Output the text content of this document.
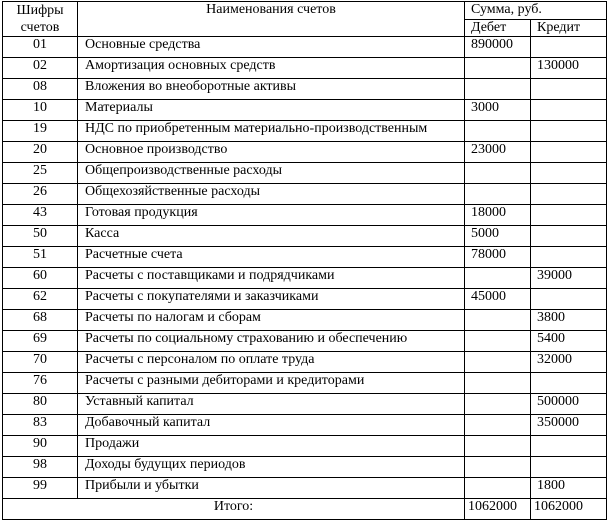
Шифры счетов	Наименования счетов	Сумма, руб.	
		Дебет	Кредит
01	Основные средства	890000	
02	Амортизация основных средств		130000
08	Вложения во внеоборотные активы		
10	Материалы	3000	
19	НДС по приобретенным материально-производственным		
20	Основное производство	23000	
25	Общепроизводственные расходы		
26	Общехозяйственные расходы		
43	Готовая продукция	18000	
50	Касса	5000	
51	Расчетные счета	78000	
60	Расчеты с поставщиками и подрядчиками		39000
62	Расчеты с покупателями и заказчиками	45000	
68	Расчеты по налогам и сборам		3800
69	Расчеты по социальному страхованию и обеспечению		5400
70	Расчеты с персоналом по оплате труда		32000
76	Расчеты с разными дебиторами и кредиторами		
80	Уставный капитал		500000
83	Добавочный капитал		350000
90	Продажи		
98	Доходы будущих периодов		
99	Прибыли и убытки		1800
Итого:		1062000	1062000
